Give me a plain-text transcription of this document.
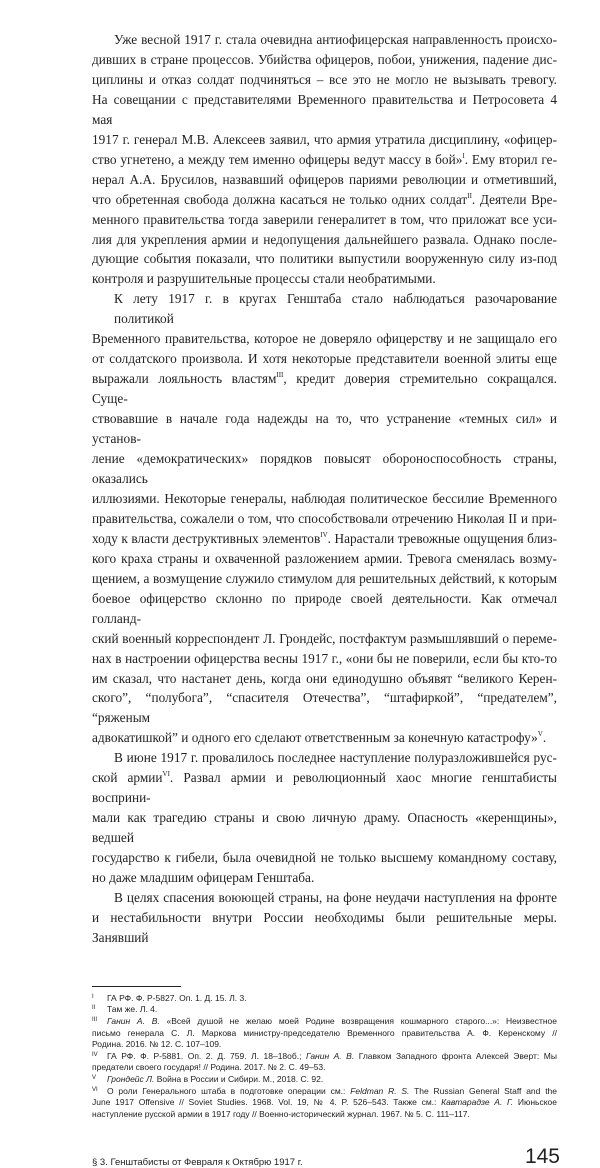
Уже весной 1917 г. стала очевидна антиофицерская направленность происхо-
дивших в стране процессов. Убийства офицеров, побои, унижения, падение дис-
циплины и отказ солдат подчиняться – все это не могло не вызывать тревогу.
На совещании с представителями Временного правительства и Петросовета 4 мая
1917 г. генерал М.В. Алексеев заявил, что армия утратила дисциплину, «офицер-
ство угнетено, а между тем именно офицеры ведут массу в бой»$^I$. Ему вторил ге-
нерал А.А. Брусилов, назвавший офицеров париями революции и отметивший,
что обретенная свобода должна касаться не только одних солдат$^{II}$. Деятели Вре-
менного правительства тогда заверили генералитет в том, что приложат все уси-
лия для укрепления армии и недопущения дальнейшего развала. Однако после-
дующие события показали, что политики выпустили вооруженную силу из-под
контроля и разрушительные процессы стали необратимыми.
К лету 1917 г. в кругах Генштаба стало наблюдаться разочарование политикой
Временного правительства, которое не доверяло офицерству и не защищало его
от солдатского произвола. И хотя некоторые представители военной элиты еще
выражали лояльность властям$^{III}$, кредит доверия стремительно сокращался. Суще-
ствовавшие в начале года надежды на то, что устранение «темных сил» и установ-
ление «демократических» порядков повысят обороноспособность страны, оказались
иллюзиями. Некоторые генералы, наблюдая политическое бессилие Временного
правительства, сожалели о том, что способствовали отречению Николая II и при-
ходу к власти деструктивных элементов$^{IV}$. Нарастали тревожные ощущения близ-
кого краха страны и охваченной разложением армии. Тревога сменялась возму-
щением, а возмущение служило стимулом для решительных действий, к которым
боевое офицерство склонно по природе своей деятельности. Как отмечал голланд-
ский военный корреспондент Л. Грондейс, постфактум размышлявший о переме-
нах в настроении офицерства весны 1917 г., «они бы не поверили, если бы кто-то
им сказал, что настанет день, когда они единодушно объявят “великого Керен-
ского”, “полубога”, “спасителя Отечества”, “штафиркой”, “предателем”, “ряженым
адвокатишкой” и одного его сделают ответственным за конечную катастрофу»$^V$.
В июне 1917 г. провалилось последнее наступление полуразложившейся рус-
ской армии$^{VI}$. Развал армии и революционный хаос многие генштабисты восприни-
мали как трагедию страны и свою личную драму. Опасность «керенщины», ведшей
государство к гибели, была очевидной не только высшему командному составу,
но даже младшим офицерам Генштаба.
В целях спасения воюющей страны, на фоне неудачи наступления на фронте
и нестабильности внутри России необходимы были решительные меры. Занявший
I ГА РФ. Ф. Р-5827. Оп. 1. Д. 15. Л. 3.
II Там же. Л. 4.
III Ганин А. В. «Всей душой не желаю моей Родине возвращения кошмарного старого...»: Неизвестное
письмо генерала С. Л. Маркова министру-председателю Временного правительства А. Ф. Керенскому //
Родина. 2016. № 12. С. 107–109.
IV ГА РФ. Ф. Р-5881. Оп. 2. Д. 759. Л. 18–18об.; Ганин А. В. Главком Западного фронта Алексей Эверт: Мы
предатели своего государя! // Родина. 2017. № 2. С. 49–53.
V Грондейс Л. Война в России и Сибири. М., 2018. С. 92.
VI О роли Генерального штаба в подготовке операции см.: Feldman R. S. The Russian General Staff and the
June 1917 Offensive // Soviet Studies. 1968. Vol. 19, № 4. P. 526–543. Также см.: Кавтарадзе А. Г. Июньское
наступление русской армии в 1917 году // Военно-исторический журнал. 1967. № 5. С. 111–117.
§ 3. Генштабисты от Февраля к Октябрю 1917 г.	145
